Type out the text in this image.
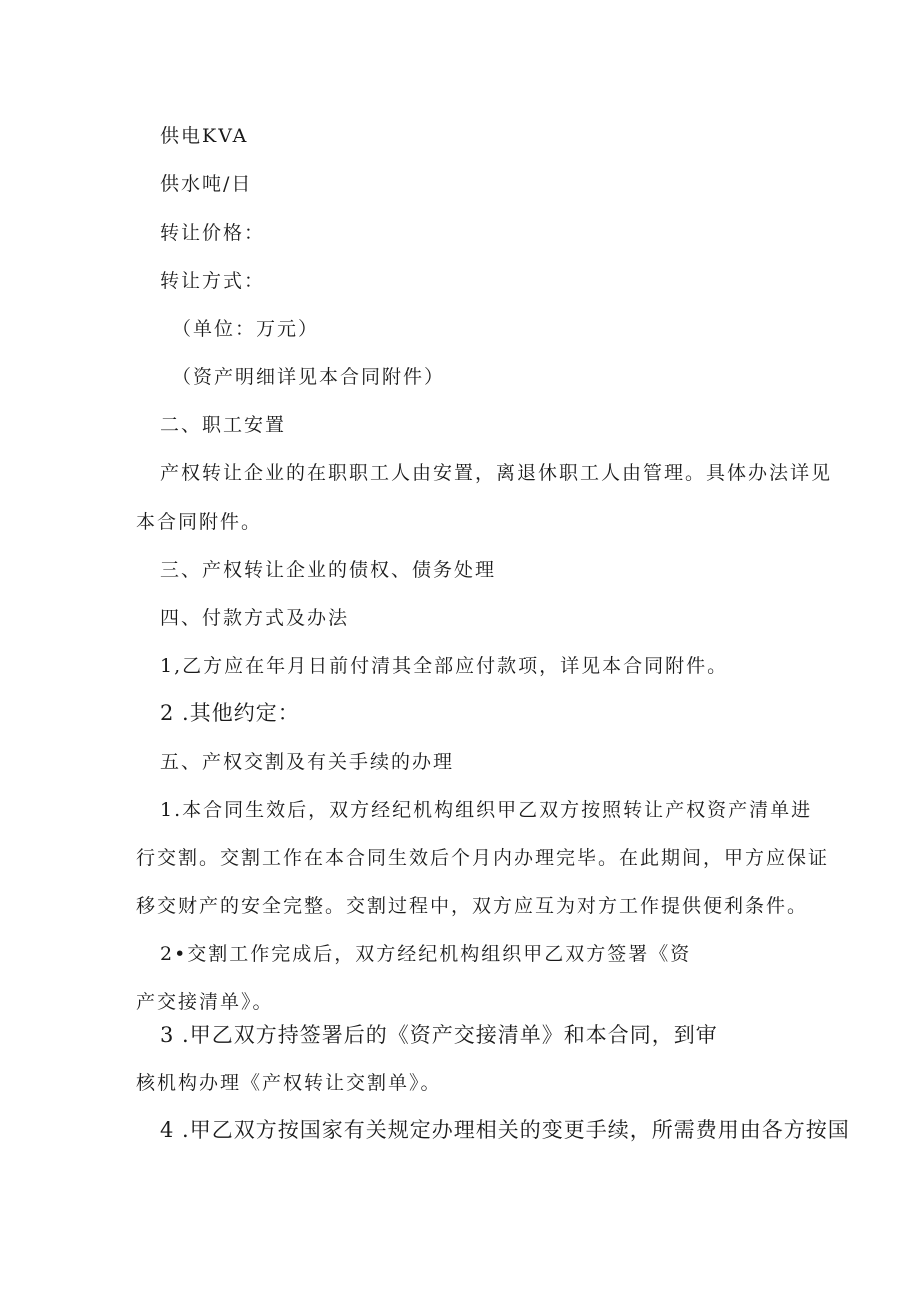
供电KVA
供水吨/日
转让价格：
转让方式：
（单位：万元）
（资产明细详见本合同附件）
二、职工安置
产权转让企业的在职职工人由安置，离退休职工人由管理。具体办法详见
本合同附件。
三、产权转让企业的债权、债务处理
四、付款方式及办法
1,乙方应在年月日前付清其全部应付款项，详见本合同附件。
2 .其他约定：
五、产权交割及有关手续的办理
1.本合同生效后，双方经纪机构组织甲乙双方按照转让产权资产清单进
行交割。交割工作在本合同生效后个月内办理完毕。在此期间，甲方应保证
移交财产的安全完整。交割过程中，双方应互为对方工作提供便利条件。
2•交割工作完成后，双方经纪机构组织甲乙双方签署《资
产交接清单》。
3 .甲乙双方持签署后的《资产交接清单》和本合同，到审
核机构办理《产权转让交割单》。
4 .甲乙双方按国家有关规定办理相关的变更手续，所需费用由各方按国
